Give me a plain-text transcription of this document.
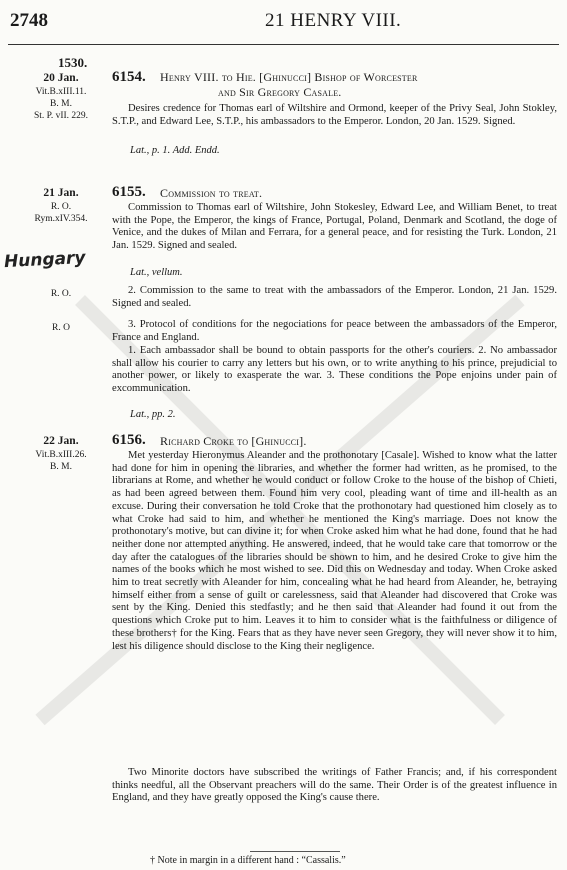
2748	21 HENRY VIII.
1530.
20 Jan.
Vit.B.xIII.11.
B. M.
St. P. vII. 229.
6154. Henry VIII. to Hie. [Ghinucci] Bishop of Worcester
and Sir Gregory Casale.
Desires credence for Thomas earl of Wiltshire and Ormond, keeper of the Privy Seal, John Stokley, S.T.P., and Edward Lee, S.T.P., his ambassadors to the Emperor. London, 20 Jan. 1529. Signed.
Lat., p. 1. Add. Endd.
21 Jan.
R. O.
Rym.xIV.354.
Hungary
6155. Commission to treat.
Commission to Thomas earl of Wiltshire, John Stokesley, Edward Lee, and William Benet, to treat with the Pope, the Emperor, the kings of France, Portugal, Poland, Denmark and Scotland, the doge of Venice, and the dukes of Milan and Ferrara, for a general peace, and for resisting the Turk. London, 21 Jan. 1529. Signed and sealed.
Lat., vellum.
R. O.	2. Commission to the same to treat with the ambassadors of the Emperor. London, 21 Jan. 1529. Signed and sealed.
R. O	3. Protocol of conditions for the negociations for peace between the ambassadors of the Emperor, France and England.
1. Each ambassador shall be bound to obtain passports for the other's couriers. 2. No ambassador shall allow his courier to carry any letters but his own, or to write anything to his prince, prejudicial to another power, or likely to exasperate the war. 3. These conditions the Pope enjoins under pain of excommunication.
Lat., pp. 2.
22 Jan.
Vit.B.xIII.26.
B. M.
6156. Richard Croke to [Ghinucci].
Met yesterday Hieronymus Aleander and the prothonotary [Casale]. Wished to know what the latter had done for him in opening the libraries, and whether the former had written, as he promised, to the librarians at Rome, and whether he would conduct or follow Croke to the house of the bishop of Chieti, as had been agreed between them. Found him very cool, pleading want of time and ill-health as an excuse. During their conversation he told Croke that the prothonotary had questioned him closely as to what Croke had said to him, and whether he mentioned the King's marriage. Does not know the prothonotary's motive, but can divine it; for when Croke asked him what he had done, found that he had neither done nor attempted anything. He answered, indeed, that he would take care that tomorrow or the day after the catalogues of the libraries should be shown to him, and he desired Croke to give him the names of the books which he most wished to see. Did this on Wednesday and today. When Croke asked him to treat secretly with Aleander for him, concealing what he had heard from Aleander, he, betraying himself either from a sense of guilt or carelessness, said that Aleander had discovered that Croke was sent by the King. Denied this stedfastly; and he then said that Aleander had found it out from the questions which Croke put to him. Leaves it to him to consider what is the faithfulness or diligence of these brothers† for the King. Fears that as they have never seen Gregory, they will never show it to him, lest his diligence should disclose to the King their negligence.
Two Minorite doctors have subscribed the writings of Father Francis; and, if his correspondent thinks needful, all the Observant preachers will do the same. Their Order is of the greatest influence in England, and they have greatly opposed the King's cause there.
† Note in margin in a different hand : “Cassalis.”
